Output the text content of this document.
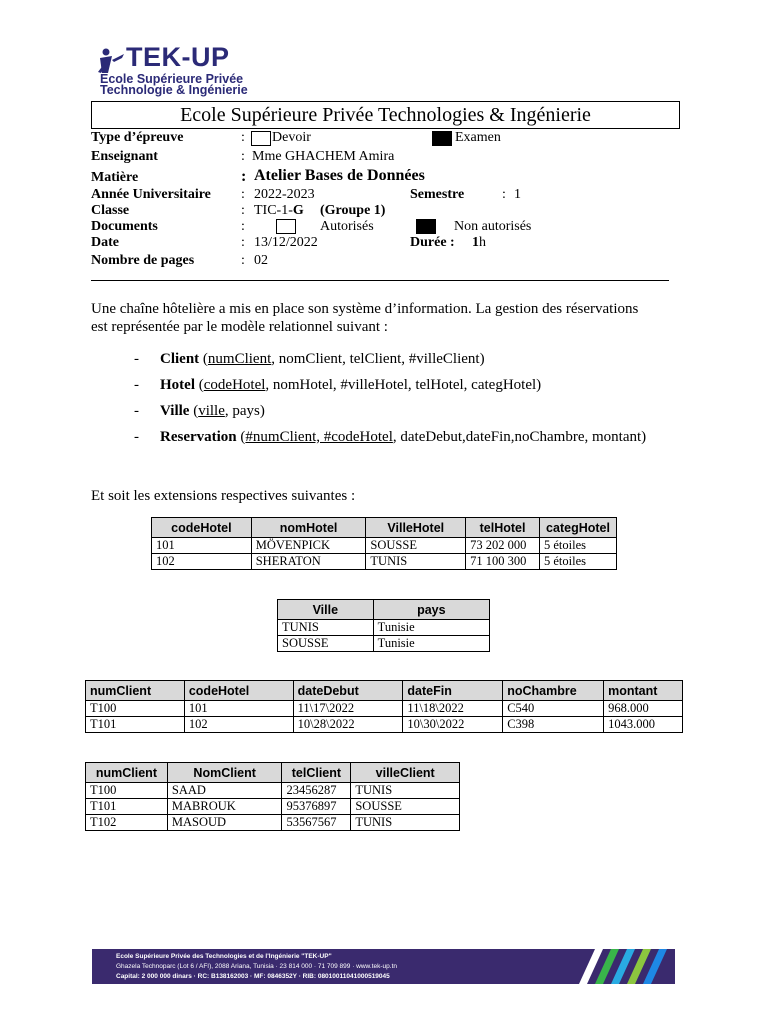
TEK-UP
Ecole Supérieure Privée
Technologie & Ingénierie
Ecole Supérieure Privée Technologies & Ingénierie
Type d’épreuve	: Devoir	Examen
Enseignant	: Mme GHACHEM Amira
Matière	: Atelier Bases de Données
Année Universitaire : 2022-2023	Semestre	: 1
Classe	: TIC-1-G (Groupe 1)
Documents	:	Autorisés	Non autorisés
Date	: 13/12/2022	Durée : 1h
Nombre de pages	: 02
Une chaîne hôtelière a mis en place son système d’information. La gestion des réservations
est représentée par le modèle relationnel suivant :
- Client (numClient, nomClient, telClient, #villeClient)
- Hotel (codeHotel, nomHotel, #villeHotel, telHotel, categHotel)
- Ville (ville, pays)
- Reservation (#numClient, #codeHotel, dateDebut,dateFin,noChambre, montant)
Et soit les extensions respectives suivantes :
codeHotel	nomHotel	VilleHotel	telHotel	categHotel
101	MÖVENPICK	SOUSSE	73 202 000	5 étoiles
102	SHERATON	TUNIS	71 100 300	5 étoiles
Ville	pays
TUNIS	Tunisie
SOUSSE	Tunisie
numClient	codeHotel	dateDebut	dateFin	noChambre	montant
T100	101	11\17\2022	11\18\2022	C540	968.000
T101	102	10\28\2022	10\30\2022	C398	1043.000
numClient	NomClient	telClient	villeClient
T100	SAAD	23456287	TUNIS
T101	MABROUK	95376897	SOUSSE
T102	MASOUD	53567567	TUNIS
Ecole Supérieure Privée des Technologies et de l'Ingénierie "TEK-UP"
Ghazela Technoparc (Lot 6 / AFI), 2088 Ariana, Tunisia · 23 814 000 · 71 709 899 · www.tek-up.tn
Capital: 2 000 000 dinars · RC: B138162003 · MF: 0846352Y · RIB: 08010011041000519045
